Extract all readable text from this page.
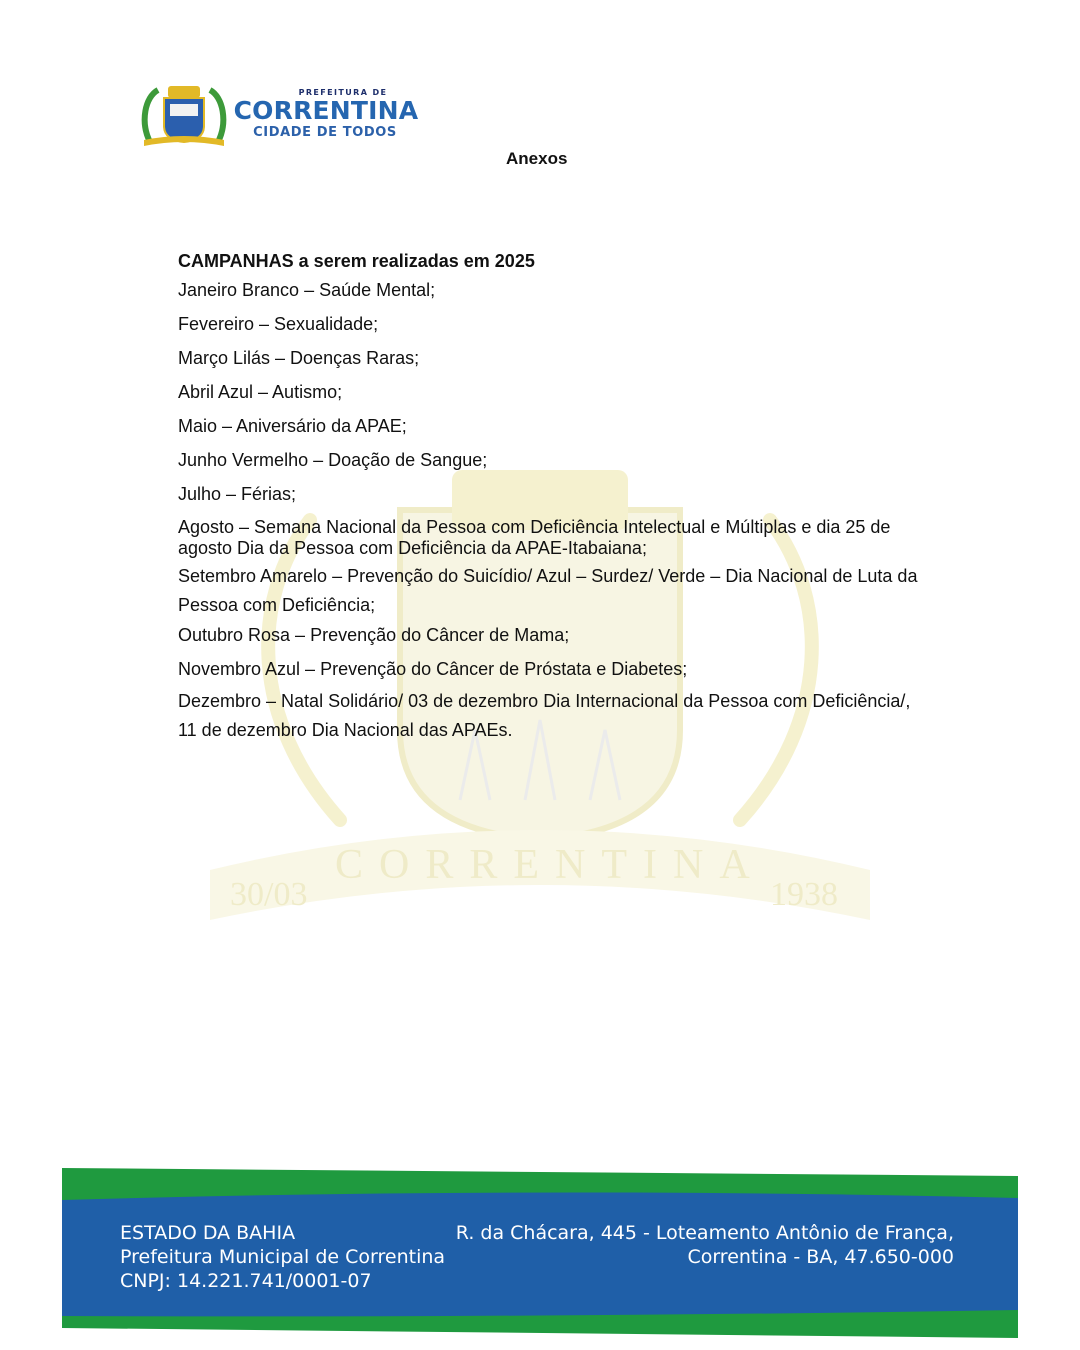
30/03
CORRENTINA
1938
PREFEITURA DE
CORRENTINA
CIDADE DE TODOS
Anexos
CAMPANHAS a serem realizadas em 2025
Janeiro Branco – Saúde Mental;
Fevereiro – Sexualidade;
Março Lilás – Doenças Raras;
Abril Azul – Autismo;
Maio – Aniversário da APAE;
Junho Vermelho – Doação de Sangue;
Julho – Férias;
Agosto – Semana Nacional da Pessoa com Deficiência Intelectual e Múltiplas e dia 25 de agosto Dia da Pessoa com Deficiência da APAE-Itabaiana;
Setembro Amarelo – Prevenção do Suicídio/ Azul – Surdez/ Verde – Dia Nacional de Luta da Pessoa com Deficiência;
Outubro Rosa – Prevenção do Câncer de Mama;
Novembro Azul – Prevenção do Câncer de Próstata e Diabetes;
Dezembro – Natal Solidário/ 03 de dezembro Dia Internacional da Pessoa com Deficiência/, 11 de dezembro Dia Nacional das APAEs.
ESTADO DA BAHIA
Prefeitura Municipal de Correntina
CNPJ: 14.221.741/0001-07
R. da Chácara, 445 - Loteamento Antônio de França,
Correntina - BA, 47.650-000
